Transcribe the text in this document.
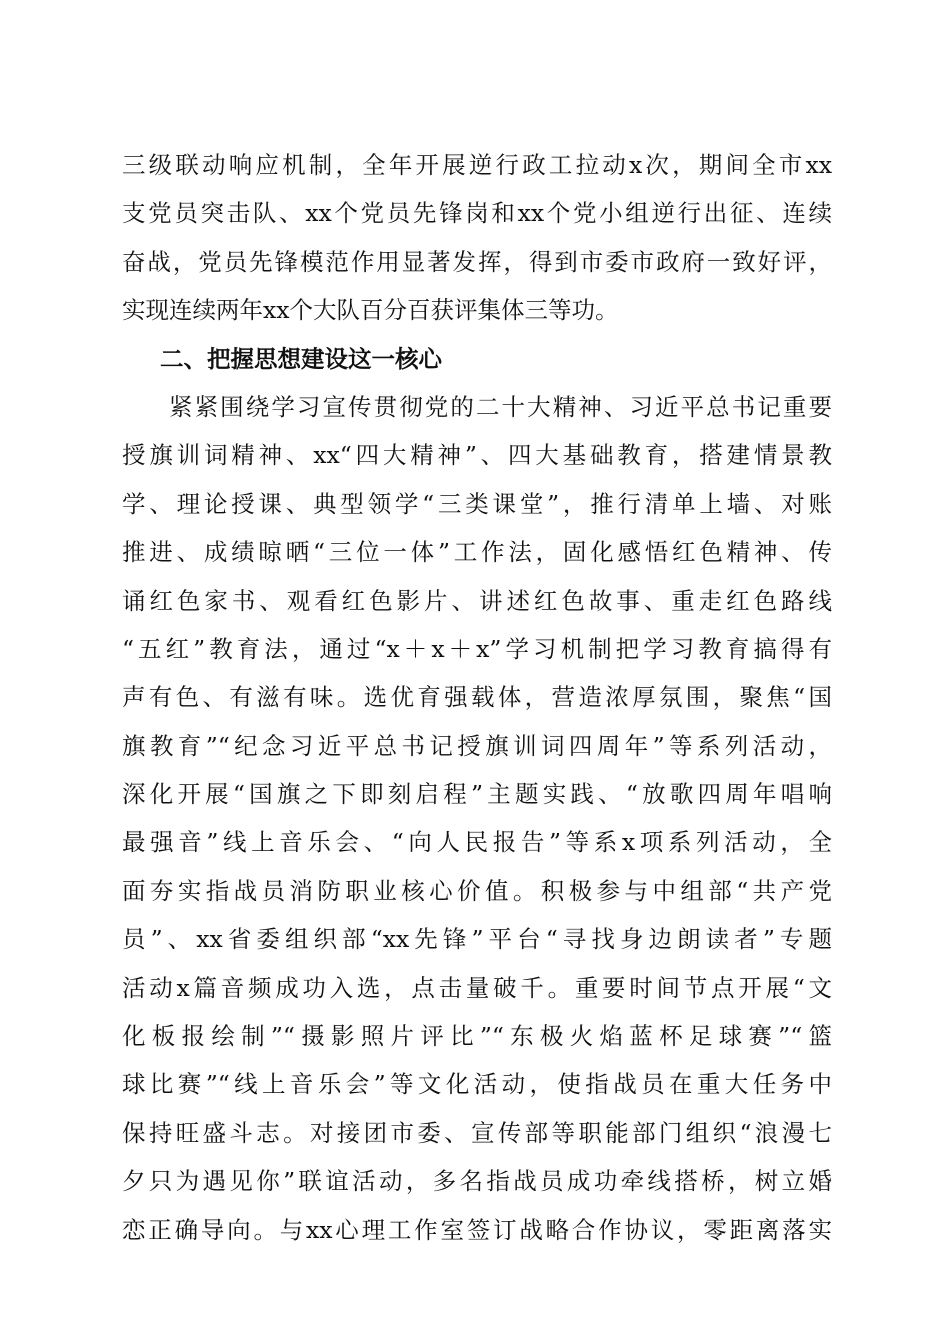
三级联动响应机制，全年开展逆行政工拉动x次，期间全市xx
支党员突击队、xx个党员先锋岗和xx个党小组逆行出征、连续
奋战，党员先锋模范作用显著发挥，得到市委市政府一致好评，
实现连续两年xx个大队百分百获评集体三等功。
二、把握思想建设这一核心
紧紧围绕学习宣传贯彻党的二十大精神、习近平总书记重要
授旗训词精神、xx“四大精神”、四大基础教育，搭建情景教
学、理论授课、典型领学“三类课堂”，推行清单上墙、对账
推进、成绩晾晒“三位一体”工作法，固化感悟红色精神、传
诵红色家书、观看红色影片、讲述红色故事、重走红色路线
“五红”教育法，通过“x＋x＋x”学习机制把学习教育搞得有
声有色、有滋有味。选优育强载体，营造浓厚氛围，聚焦“国
旗教育”“纪念习近平总书记授旗训词四周年”等系列活动，
深化开展“国旗之下即刻启程”主题实践、“放歌四周年唱响
最强音”线上音乐会、“向人民报告”等系x项系列活动，全
面夯实指战员消防职业核心价值。积极参与中组部“共产党
员”、xx省委组织部“xx先锋”平台“寻找身边朗读者”专题
活动x篇音频成功入选，点击量破千。重要时间节点开展“文
化板报绘制”“摄影照片评比”“东极火焰蓝杯足球赛”“篮
球比赛”“线上音乐会”等文化活动，使指战员在重大任务中
保持旺盛斗志。对接团市委、宣传部等职能部门组织“浪漫七
夕只为遇见你”联谊活动，多名指战员成功牵线搭桥，树立婚
恋正确导向。与xx心理工作室签订战略合作协议，零距离落实
